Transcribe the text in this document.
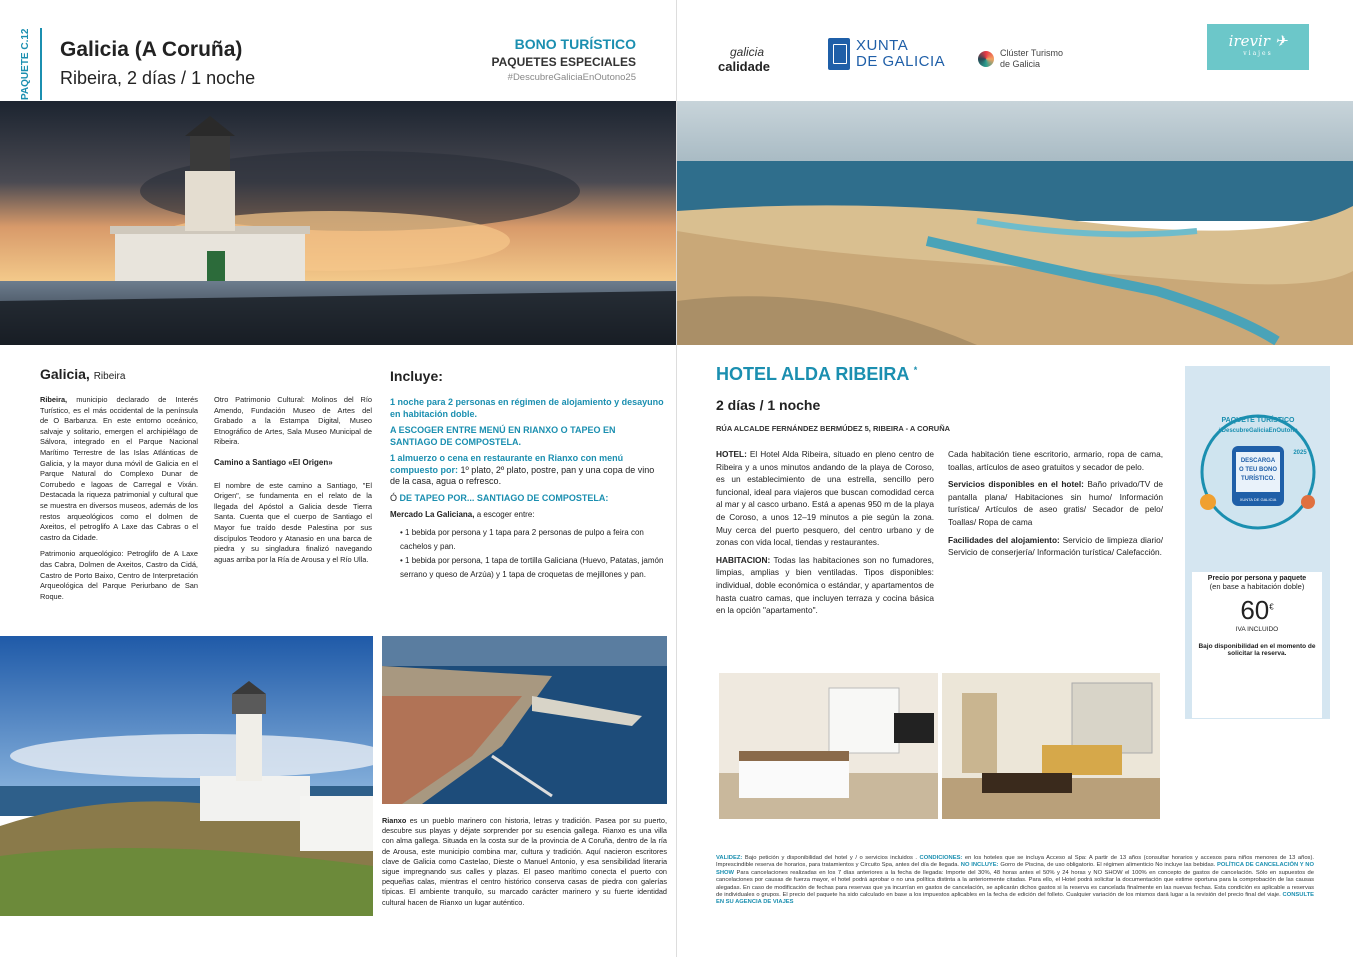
PAQUETE C.12 Galicia (A Coruña)
Ribeira, 2 días / 1 noche
BONO TURÍSTICO
PAQUETES ESPECIALES
#DescubreGaliciaEnOutono25
galicia
calidade
XUNTA
DE GALICIA	Clúster Turismo
de Galicia
irevir ✈
viajes
Galicia, Ribeira

Ribeira, municipio declarado de Interés Turístico, es el más occidental de la península de O Barbanza. En este entorno oceánico, salvaje y solitario, emergen el archipiélago de Sálvora, integrado en el Parque Nacional Marítimo Terrestre de las Islas Atlánticas de Galicia, y la mayor duna móvil de Galicia en el Parque Natural do Complexo Dunar de Corrubedo e lagoas de Carregal e Vixán. Destacada la riqueza patrimonial y cultural que se muestra en diversos museos, además de los restos arqueológicos como el dolmen de Axeitos, el petroglifo A Laxe das Cabras o el castro da Cidade.

Patrimonio arqueológico: Petroglifo de A Laxe das Cabra, Dolmen de Axeitos, Castro da Cidá, Castro de Porto Baixo, Centro de Interpretación Arqueológica del Parque Periurbano de San Roque.

Otro Patrimonio Cultural: Molinos del Río Amendo, Fundación Museo de Artes del Grabado a la Estampa Digital, Museo Etnográfico de Artes, Sala Museo Municipal de Ribeira.

Camino a Santiago «El Origen»

El nombre de este camino a Santiago, "El Origen", se fundamenta en el relato de la llegada del Apóstol a Galicia desde Tierra Santa. Cuenta que el cuerpo de Santiago el Mayor fue traído desde Palestina por sus discípulos Teodoro y Atanasio en una barca de piedra y su singladura finalizó navegando aguas arriba por la Ría de Arousa y el Río Ulla.

Incluye:

1 noche para 2 personas en régimen de alojamiento y desayuno en habitación doble.

A ESCOGER ENTRE MENÚ EN RIANXO O TAPEO EN SANTIAGO DE COMPOSTELA.

1 almuerzo o cena en restaurante en Rianxo con menú compuesto por: 1º plato, 2º plato, postre, pan y una copa de vino de la casa, agua o refresco.

Ó DE TAPEO POR... SANTIAGO DE COMPOSTELA:

Mercado La Galiciana, a escoger entre:

• 1 bebida por persona y 1 tapa para 2 personas de pulpo a feira con cachelos y pan.
• 1 bebida por persona, 1 tapa de tortilla Galiciana (Huevo, Patatas, jamón serrano y queso de Arzúa) y 1 tapa de croquetas de mejillones y pan.
Rianxo es un pueblo marinero con historia, letras y tradición. Pasea por su puerto, descubre sus playas y déjate sorprender por su esencia gallega. Rianxo es una villa con alma gallega. Situada en la costa sur de la provincia de A Coruña, dentro de la ría de Arousa, este municipio combina mar, cultura y tradición. Aquí nacieron escritores clave de Galicia como Castelao, Dieste o Manuel Antonio, y esa sensibilidad literaria sigue impregnando sus calles y plazas. El paseo marítimo conecta el puerto con pequeñas calas, mientras el centro histórico conserva casas de piedra con galerías típicas. El ambiente tranquilo, su marcado carácter marinero y su fuerte identidad cultural hacen de Rianxo un lugar auténtico.
HOTEL ALDA RIBEIRA *
2 días / 1 noche
RÚA ALCALDE FERNÁNDEZ BERMÚDEZ 5, RIBEIRA - A CORUÑA

HOTEL: El Hotel Alda Ribeira, situado en pleno centro de Ribeira y a unos minutos andando de la playa de Coroso, es un establecimiento de una estrella, sencillo pero funcional, ideal para viajeros que buscan comodidad cerca al mar y al casco urbano. Está a apenas 950 m de la playa de Coroso, a unos 12–19 minutos a pie según la zona. Muy cerca del puerto pesquero, del centro urbano y de zonas con vida local, tiendas y restaurantes.

HABITACION: Todas las habitaciones son no fumadores, limpias, amplias y bien ventiladas. Tipos disponibles: individual, doble económica o estándar, y apartamentos de hasta cuatro camas, que incluyen terraza y cocina básica en la opción "apartamento".

Cada habitación tiene escritorio, armario, ropa de cama, toallas, artículos de aseo gratuitos y secador de pelo.

Servicios disponibles en el hotel: Baño privado/TV de pantalla plana/ Habitaciones sin humo/ Información turística/ Artículos de aseo gratis/ Secador de pelo/ Toallas/ Ropa de cama

Facilidades del alojamiento: Servicio de limpieza diario/ Servicio de conserjería/ Información turística/ Calefacción.

DESCARGA
O TEU BONO
TURÍSTICO.
XUNTA DE GALICIA
PAQUETE TURÍSTICO
#DescubreGaliciaEnOutono
2025
Precio por persona y paquete
(en base a habitación doble)
60€
IVA INCLUIDO
Bajo disponibilidad en el momento de solicitar la reserva.
VALIDEZ: Bajo petición y disponibilidad del hotel y / o servicios incluidos . CONDICIONES: en los hoteles que se incluya Acceso al Spa: A partir de 13 años (consultar horarios y accesos para niños menores de 13 años). Imprescindible reserva de horarios, para tratamientos y Circuito Spa, antes del día de llegada. NO INCLUYE: Gorro de Piscina, de uso obligatorio. El régimen alimenticio No incluye las bebidas. POLÍTICA DE CANCELACIÓN Y NO SHOW Para cancelaciones realizadas en los 7 días anteriores a la fecha de llegada: Importe del 30%, 48 horas antes el 50% y 24 horas y NO SHOW el 100% en concepto de gastos de cancelación. Sólo en supuestos de cancelaciones por causas de fuerza mayor, el hotel podrá aprobar o no una política distinta a la anteriormente citadas. Para ello, el Hotel podrá solicitar la documentación que estime oportuna para la comprobación de las causas alegadas. En caso de modificación de fechas para reservas que ya incurrían en gastos de cancelación, se aplicarán dichos gastos si la reserva es cancelada finalmente en las nuevas fechas. Esta condición es aplicable a reservas de individuales o grupos. El precio del paquete ha sido calculado en base a los impuestos aplicables en la fecha de edición del folleto. Cualquier variación de los mismos dará lugar a la revisión del precio final del viaje. CONSULTE EN SU AGENCIA DE VIAJES
